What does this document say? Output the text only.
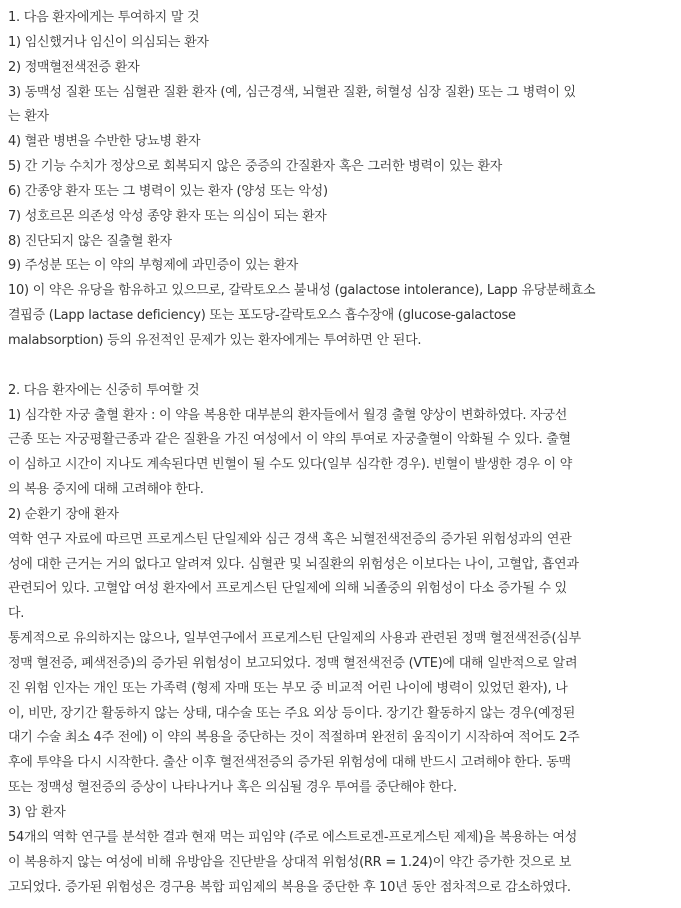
1. 다음 환자에게는 투여하지 말 것
1) 임신했거나 임신이 의심되는 환자
2) 정맥혈전색전증 환자
3) 동맥성 질환 또는 심혈관 질환 환자 (예, 심근경색, 뇌혈관 질환, 허혈성 심장 질환) 또는 그 병력이 있
는 환자
4) 혈관 병변을 수반한 당뇨병 환자
5) 간 기능 수치가 정상으로 회복되지 않은 중증의 간질환자 혹은 그러한 병력이 있는 환자
6) 간종양 환자 또는 그 병력이 있는 환자 (양성 또는 악성)
7) 성호르몬 의존성 악성 종양 환자 또는 의심이 되는 환자
8) 진단되지 않은 질출혈 환자
9) 주성분 또는 이 약의 부형제에 과민증이 있는 환자
10) 이 약은 유당을 함유하고 있으므로, 갈락토오스 불내성 (galactose intolerance), Lapp 유당분해효소
결핍증 (Lapp lactase deficiency) 또는 포도당-갈락토오스 흡수장애 (glucose-galactose
malabsorption) 등의 유전적인 문제가 있는 환자에게는 투여하면 안 된다.
2. 다음 환자에는 신중히 투여할 것
1) 심각한 자궁 출혈 환자 : 이 약을 복용한 대부분의 환자들에서 월경 출혈 양상이 변화하였다. 자궁선
근종 또는 자궁평활근종과 같은 질환을 가진 여성에서 이 약의 투여로 자궁출혈이 악화될 수 있다. 출혈
이 심하고 시간이 지나도 계속된다면 빈혈이 될 수도 있다(일부 심각한 경우). 빈혈이 발생한 경우 이 약
의 복용 중지에 대해 고려해야 한다.
2) 순환기 장애 환자
역학 연구 자료에 따르면 프로게스틴 단일제와 심근 경색 혹은 뇌혈전색전증의 증가된 위험성과의 연관
성에 대한 근거는 거의 없다고 알려져 있다. 심혈관 및 뇌질환의 위험성은 이보다는 나이, 고혈압, 흡연과
관련되어 있다. 고혈압 여성 환자에서 프로게스틴 단일제에 의해 뇌졸중의 위험성이 다소 증가될 수 있
다.
통계적으로 유의하지는 않으나, 일부연구에서 프로게스틴 단일제의 사용과 관련된 정맥 혈전색전증(심부
정맥 혈전증, 폐색전증)의 증가된 위험성이 보고되었다. 정맥 혈전색전증 (VTE)에 대해 일반적으로 알려
진 위험 인자는 개인 또는 가족력 (형제 자매 또는 부모 중 비교적 어린 나이에 병력이 있었던 환자), 나
이, 비만, 장기간 활동하지 않는 상태, 대수술 또는 주요 외상 등이다. 장기간 활동하지 않는 경우(예정된
대기 수술 최소 4주 전에) 이 약의 복용을 중단하는 것이 적절하며 완전히 움직이기 시작하여 적어도 2주
후에 투약을 다시 시작한다. 출산 이후 혈전색전증의 증가된 위험성에 대해 반드시 고려해야 한다. 동맥
또는 정맥성 혈전증의 증상이 나타나거나 혹은 의심될 경우 투여를 중단해야 한다.
3) 암 환자
54개의 역학 연구를 분석한 결과 현재 먹는 피임약 (주로 에스트로겐-프로게스틴 제제)을 복용하는 여성
이 복용하지 않는 여성에 비해 유방암을 진단받을 상대적 위험성(RR = 1.24)이 약간 증가한 것으로 보
고되었다. 증가된 위험성은 경구용 복합 피임제의 복용을 중단한 후 10년 동안 점차적으로 감소하였다.
